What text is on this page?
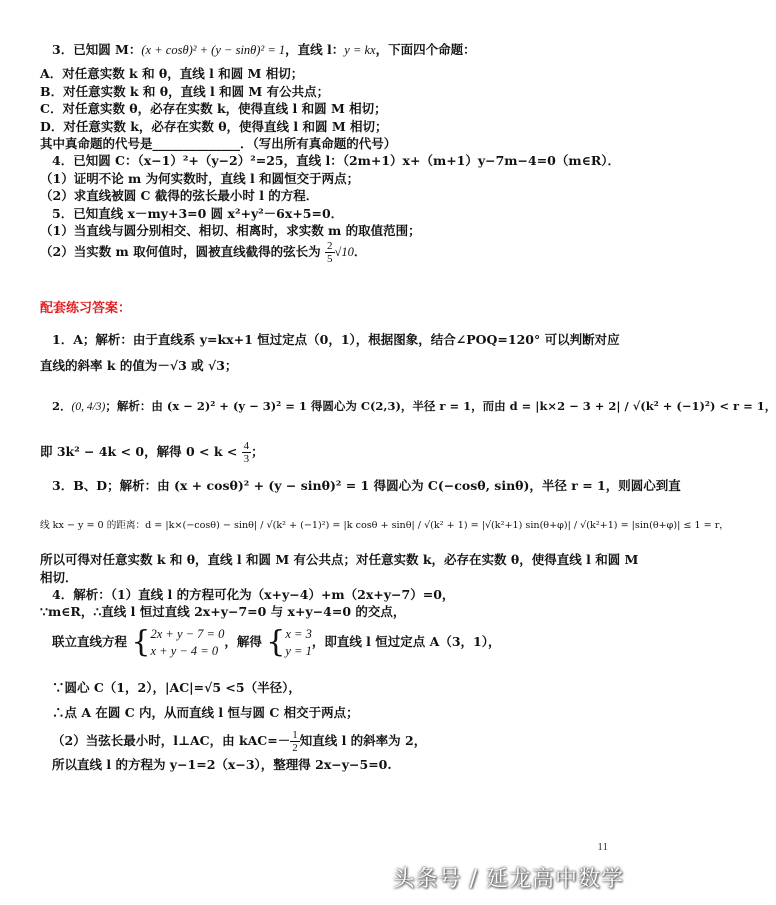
3．已知圆 M：(x + cosθ)² + (y − sinθ)² = 1，直线 l：y = kx，下面四个命题：
A．对任意实数 k 和 θ，直线 l 和圆 M 相切；
B．对任意实数 k 和 θ，直线 l 和圆 M 有公共点；
C．对任意实数 θ，必存在实数 k，使得直线 l 和圆 M 相切；
D．对任意实数 k，必存在实数 θ，使得直线 l 和圆 M 相切；
其中真命题的代号是______________．（写出所有真命题的代号）
4．已知圆 C：（x−1）²+（y−2）²=25，直线 l：（2m+1）x+（m+1）y−7m−4=0（m∈R）．
（1）证明不论 m 为何实数时，直线 l 和圆恒交于两点；
（2）求直线被圆 C 截得的弦长最小时 l 的方程．
5．已知直线 x－my+3=0 圆 x²+y²－6x+5=0．
（1）当直线与圆分别相交、相切、相离时，求实数 m 的取值范围；
（2）当实数 m 取何值时，圆被直线截得的弦长为 $\frac{2}{5} √10$．
配套练习答案：
1．A；解析：由于直线系 y=kx+1 恒过定点（0，1），根据图象，结合∠POQ=120° 可以判断对应
直线的斜率 k 的值为－√3 或 √3；
2．(0, 4/3)；解析：由 (x − 2)² + (y − 3)² = 1 得圆心为 C(2,3)，半径 r = 1，而由 d = |k×2 − 3 + 2| / √(k² + (−1)²) < r = 1，
即 3k² − 4k < 0，解得 $0 < k < \frac{4}{3}$ ；
3．B、D；解析：由 (x + cosθ)² + (y − sinθ)² = 1 得圆心为 C(−cosθ, sinθ)，半径 r = 1，则圆心到直
线 kx − y = 0 的距离：d = |k×(−cosθ) − sinθ| / √(k² + (−1)²) = |k cosθ + sinθ| / √(k² + 1) = |√(k²+1) sin(θ+φ)| / √(k²+1) = |sin(θ+φ)| ≤ 1 = r，
所以可得对任意实数 k 和 θ，直线 l 和圆 M 有公共点；对任意实数 k，必存在实数 θ，使得直线 l 和圆 M
相切．
4．解析：（1）直线 l 的方程可化为（x+y−4）+m（2x+y−7）=0，
∵m∈R，∴直线 l 恒过直线 2x+y−7=0 与 x+y−4=0 的交点，
联立直线方程 { 2x + y − 7 = 0
x + y − 4 = 0
，解得 { x = 3
y = 1
，即直线 l 恒过定点 A（3，1），
∵圆心 C（1，2），|AC|=√5 <5（半径），
∴点 A 在圆 C 内，从而直线 l 恒与圆 C 相交于两点；
（2）当弦长最小时，l⊥AC，由 $kAC=- \frac{1}{2}$ 知直线 l 的斜率为 2，
所以直线 l 的方程为 y−1=2（x−3），整理得 2x−y−5=0.
11
头条号 / 延龙高中数学
